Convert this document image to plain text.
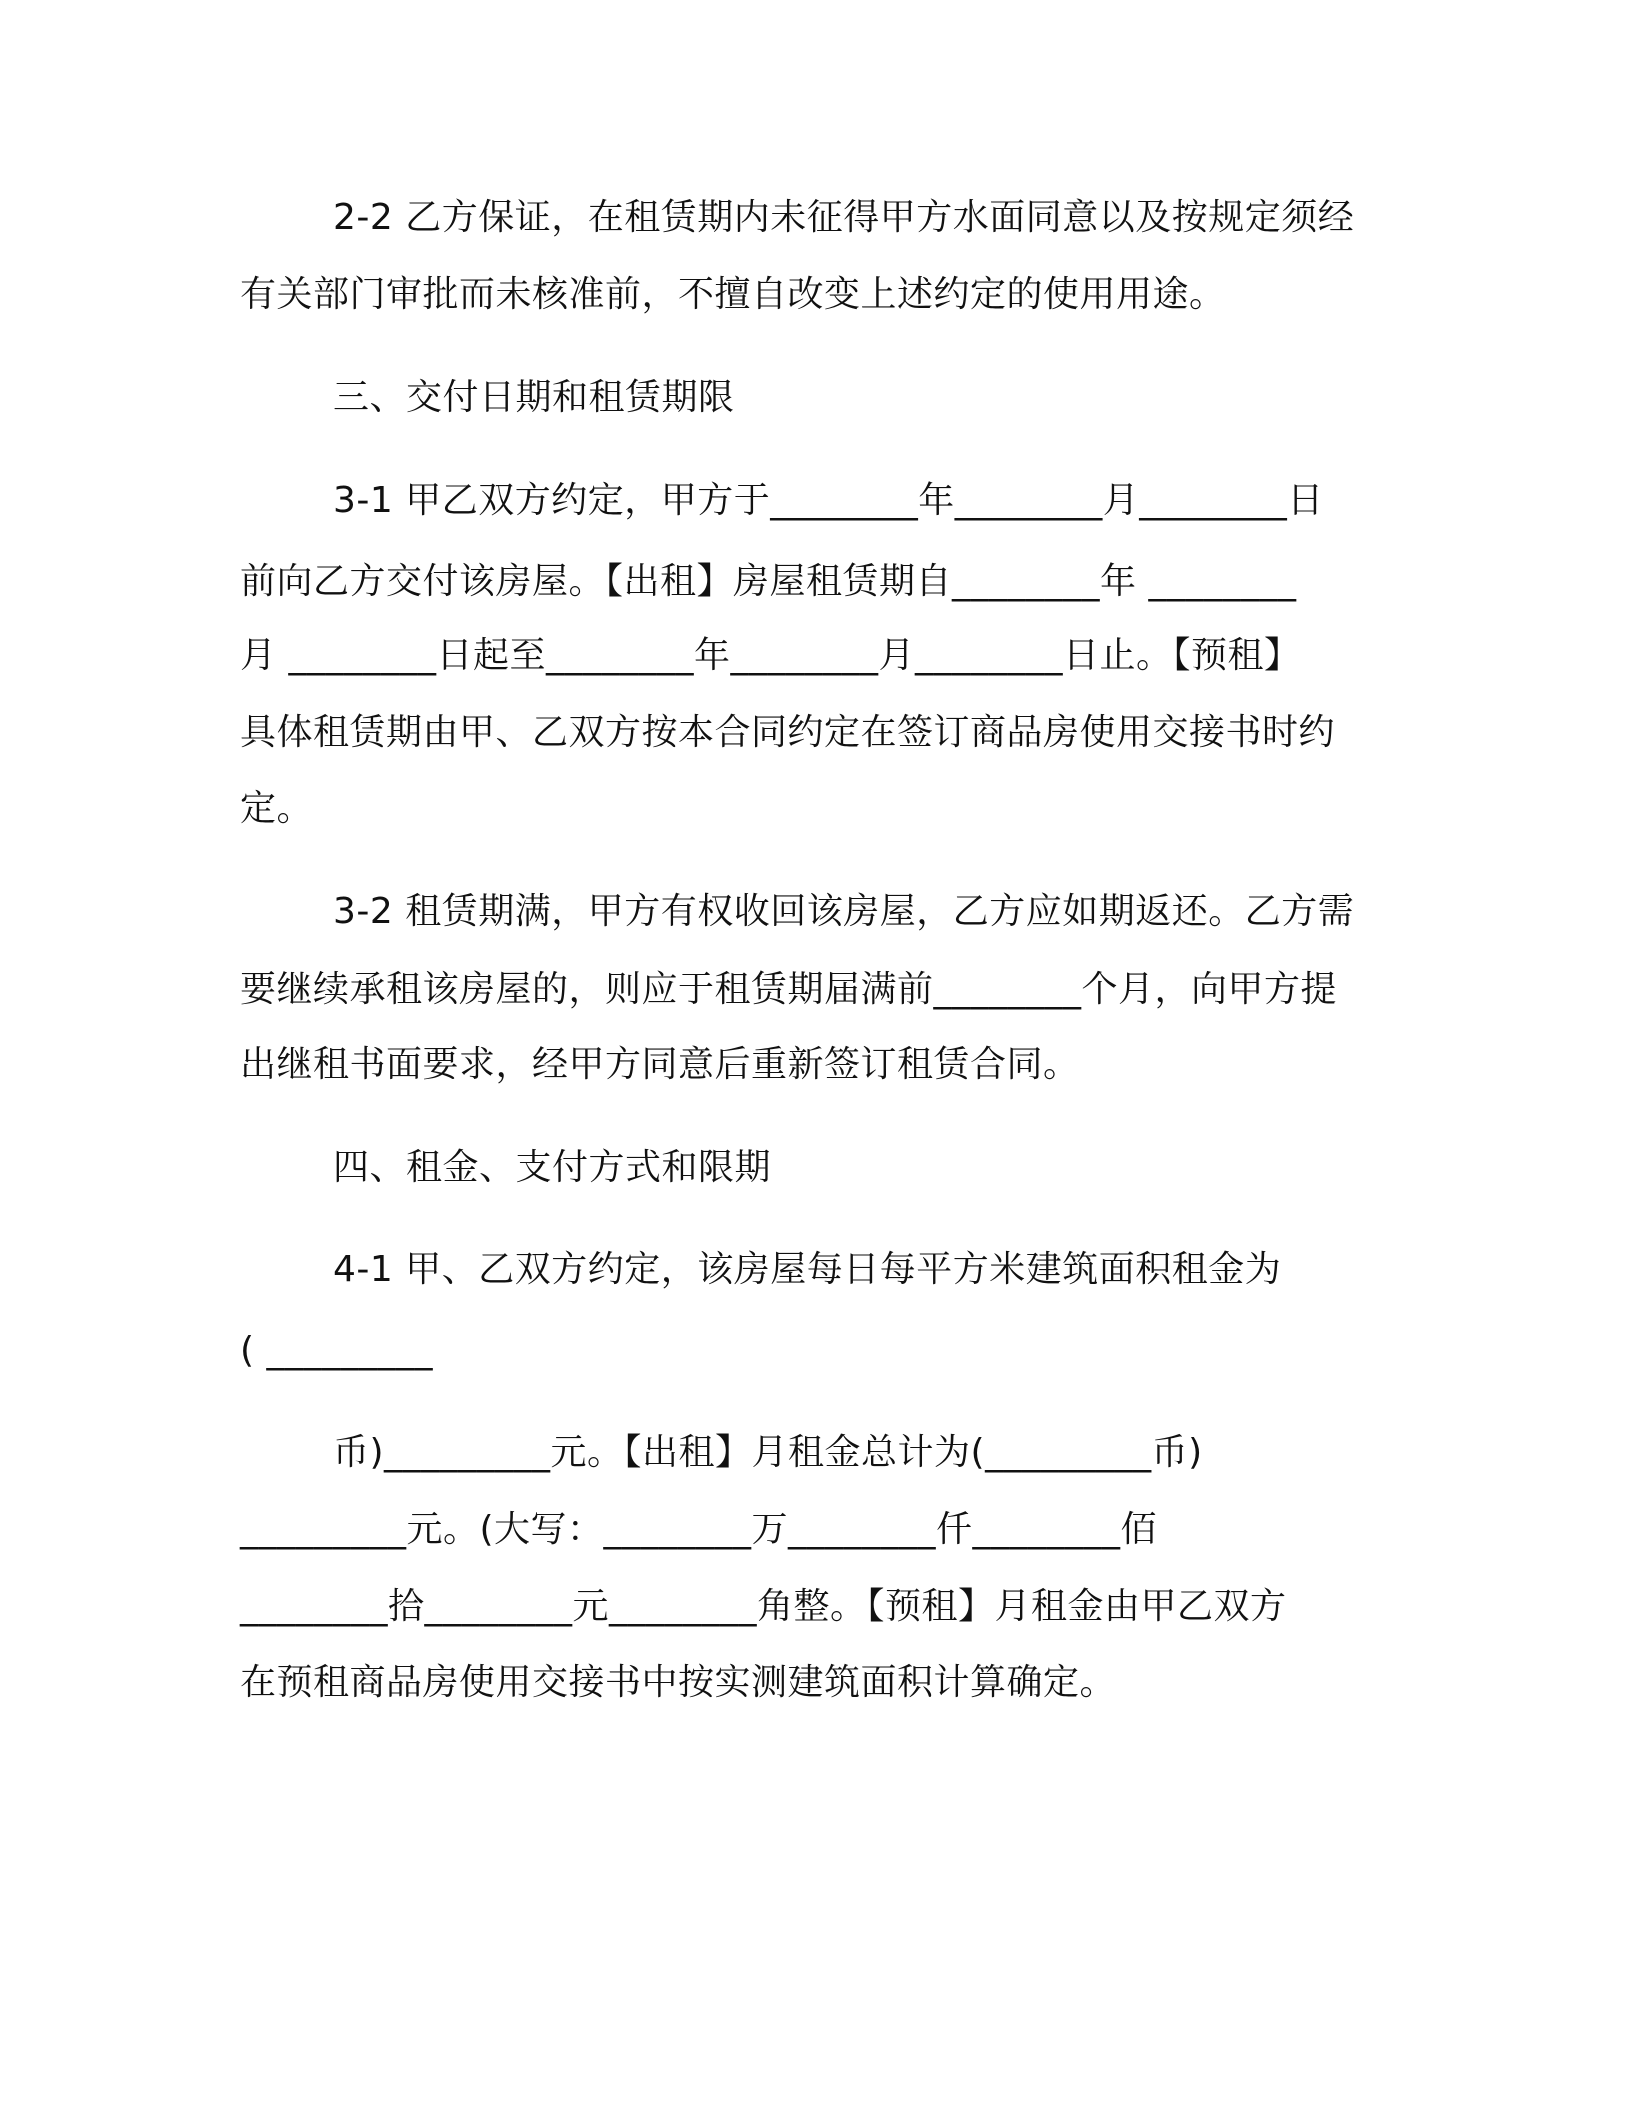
2-2 乙方保证，在租赁期内未征得甲方水面同意以及按规定须经
有关部门审批而未核准前，不擅自改变上述约定的使用用途。
三、交付日期和租赁期限
3-1 甲乙双方约定，甲方于________年________月________日
前向乙方交付该房屋。【出租】房屋租赁期自________年 ________
月 ________日起至________年________月________日止。【预租】
具体租赁期由甲、乙双方按本合同约定在签订商品房使用交接书时约
定。
3-2 租赁期满，甲方有权收回该房屋，乙方应如期返还。乙方需
要继续承租该房屋的，则应于租赁期届满前________个月，向甲方提
出继租书面要求，经甲方同意后重新签订租赁合同。
四、租金、支付方式和限期
4-1 甲、乙双方约定，该房屋每日每平方米建筑面积租金为
( _________
币)_________元。【出租】月租金总计为(_________币)
_________元。(大写：________万________仟________佰
________拾________元________角整。【预租】月租金由甲乙双方
在预租商品房使用交接书中按实测建筑面积计算确定。
